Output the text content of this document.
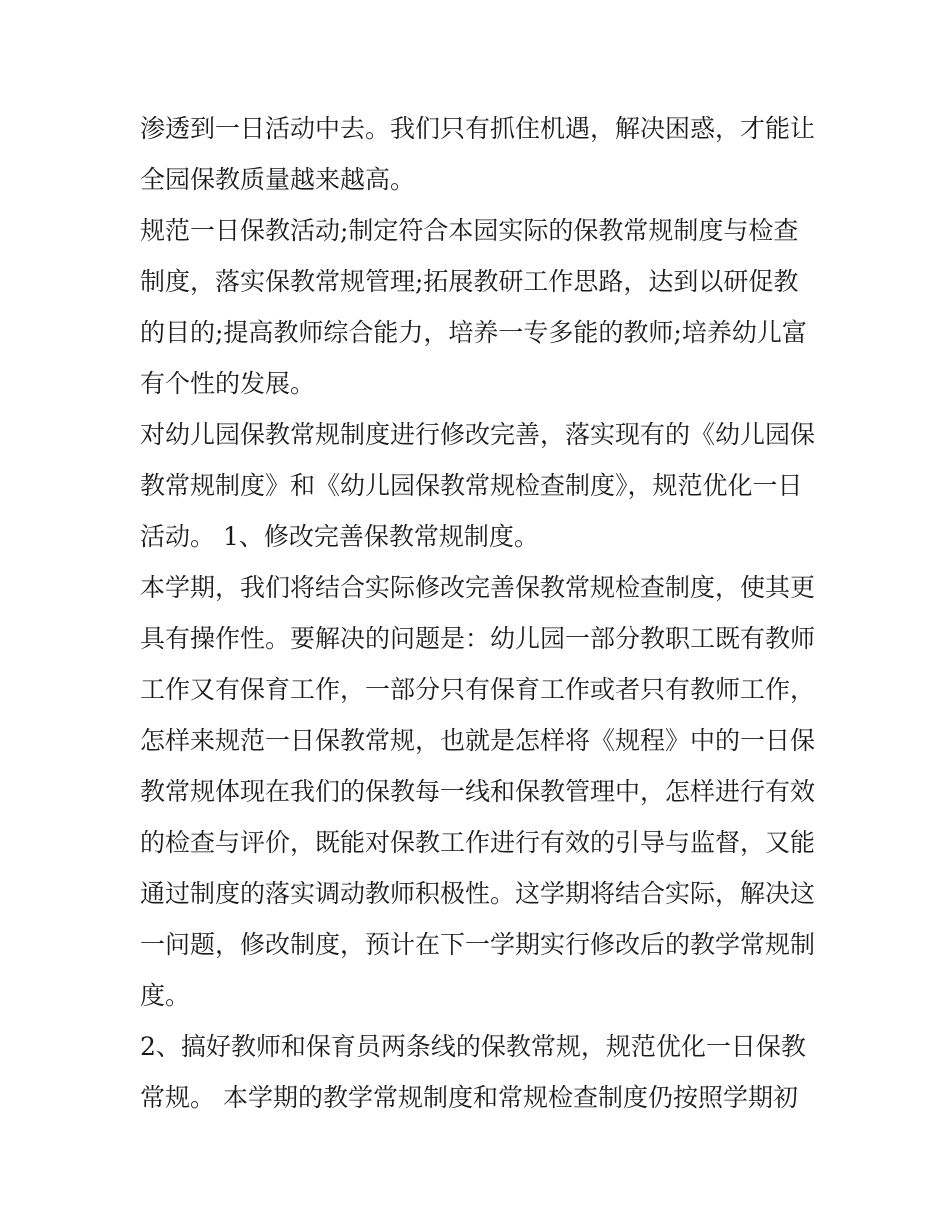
渗透到一日活动中去。我们只有抓住机遇，解决困惑，才能让
全园保教质量越来越高。
规范一日保教活动;制定符合本园实际的保教常规制度与检查
制度，落实保教常规管理;拓展教研工作思路，达到以研促教
的目的;提高教师综合能力，培养一专多能的教师;培养幼儿富
有个性的发展。
对幼儿园保教常规制度进行修改完善，落实现有的《幼儿园保
教常规制度》和《幼儿园保教常规检查制度》，规范优化一日
活动。 1、修改完善保教常规制度。
本学期，我们将结合实际修改完善保教常规检查制度，使其更
具有操作性。要解决的问题是：幼儿园一部分教职工既有教师
工作又有保育工作，一部分只有保育工作或者只有教师工作，
怎样来规范一日保教常规，也就是怎样将《规程》中的一日保
教常规体现在我们的保教每一线和保教管理中，怎样进行有效
的检查与评价，既能对保教工作进行有效的引导与监督，又能
通过制度的落实调动教师积极性。这学期将结合实际，解决这
一问题，修改制度，预计在下一学期实行修改后的教学常规制
度。
2、搞好教师和保育员两条线的保教常规，规范优化一日保教
常规。 本学期的教学常规制度和常规检查制度仍按照学期初
